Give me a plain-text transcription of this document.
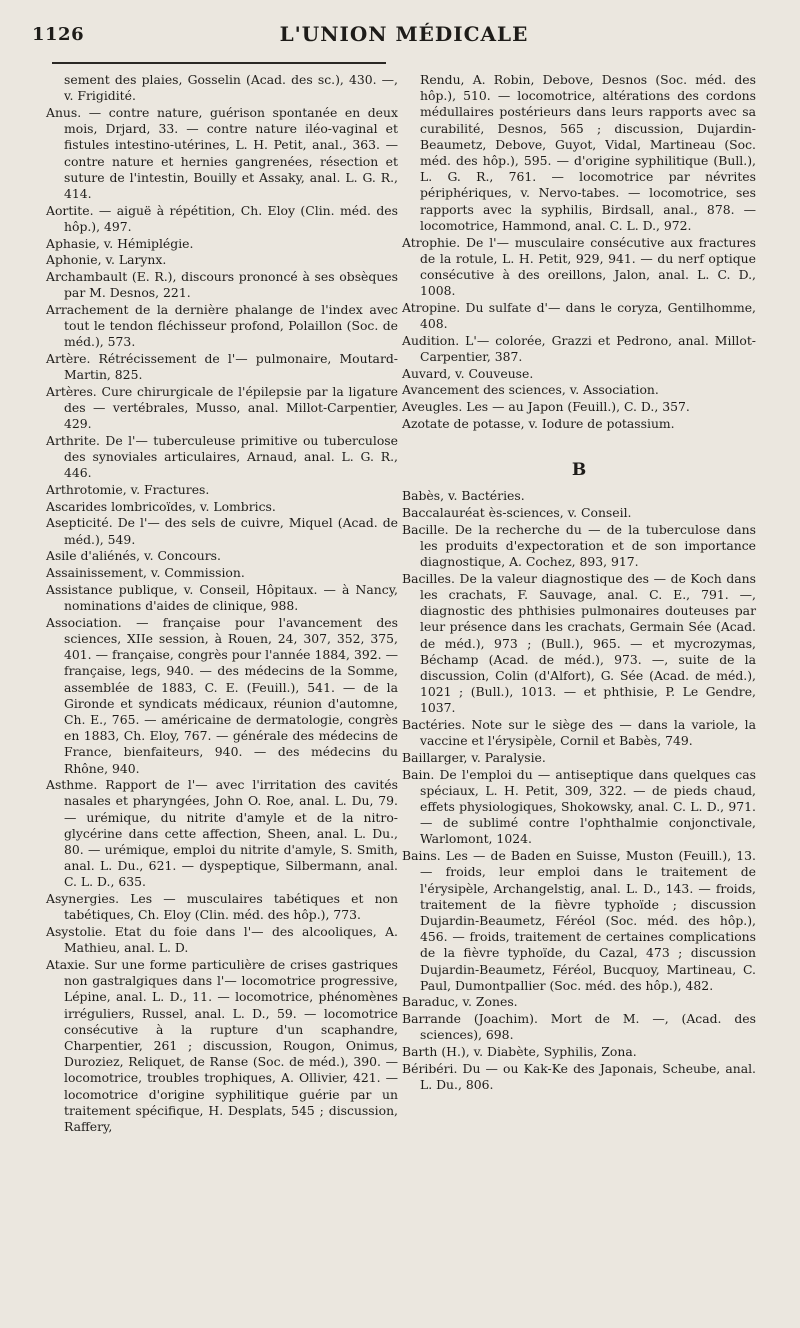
1126	L'UNION MÉDICALE

sement des plaies, Gosselin (Acad. des sc.), 430. —, v. Frigidité.

Anus. — contre nature, guérison spontanée en deux mois, Drjard, 33. — contre nature iléo-vaginal et fistules intestino-utérines, L. H. Petit, anal., 363. — contre nature et hernies gangrenées, résection et suture de l'intestin, Bouilly et Assaky, anal. L. G. R., 414.

Aortite. — aiguë à répétition, Ch. Eloy (Clin. méd. des hôp.), 497.

Aphasie, v. Hémiplégie.

Aphonie, v. Larynx.

Archambault (E. R.), discours prononcé à ses obsèques par M. Desnos, 221.

Arrachement de la dernière phalange de l'index avec tout le tendon fléchisseur profond, Polaillon (Soc. de méd.), 573.

Artère. Rétrécissement de l'— pulmonaire, Moutard-Martin, 825.

Artères. Cure chirurgicale de l'épilepsie par la ligature des — vertébrales, Musso, anal. Millot-Carpentier, 429.

Arthrite. De l'— tuberculeuse primitive ou tuberculose des synoviales articulaires, Arnaud, anal. L. G. R., 446.

Arthrotomie, v. Fractures.

Ascarides lombricoïdes, v. Lombrics.

Asepticité. De l'— des sels de cuivre, Miquel (Acad. de méd.), 549.

Asile d'aliénés, v. Concours.

Assainissement, v. Commission.

Assistance publique, v. Conseil, Hôpitaux. — à Nancy, nominations d'aides de clinique, 988.

Association. — française pour l'avancement des sciences, XIIe session, à Rouen, 24, 307, 352, 375, 401. — française, congrès pour l'année 1884, 392. — française, legs, 940. — des médecins de la Somme, assemblée de 1883, C. E. (Feuill.), 541. — de la Gironde et syndicats médicaux, réunion d'automne, Ch. E., 765. — américaine de dermatologie, congrès en 1883, Ch. Eloy, 767. — générale des médecins de France, bienfaiteurs, 940. — des médecins du Rhône, 940.

Asthme. Rapport de l'— avec l'irritation des cavités nasales et pharyngées, John O. Roe, anal. L. Du, 79. — urémique, du nitrite d'amyle et de la nitro-glycérine dans cette affection, Sheen, anal. L. Du., 80. — urémique, emploi du nitrite d'amyle, S. Smith, anal. L. Du., 621. — dyspeptique, Silbermann, anal. C. L. D., 635.

Asynergies. Les — musculaires tabétiques et non tabétiques, Ch. Eloy (Clin. méd. des hôp.), 773.

Asystolie. Etat du foie dans l'— des alcooliques, A. Mathieu, anal. L. D.

Ataxie. Sur une forme particulière de crises gastriques non gastralgiques dans l'— locomotrice progressive, Lépine, anal. L. D., 11. — locomotrice, phénomènes irréguliers, Russel, anal. L. D., 59. — locomotrice consécutive à la rupture d'un scaphandre, Charpentier, 261 ; discussion, Rougon, Onimus, Duroziez, Reliquet, de Ranse (Soc. de méd.), 390. — locomotrice, troubles trophiques, A. Ollivier, 421. — locomotrice d'origine syphilitique guérie par un traitement spécifique, H. Desplats, 545 ; discussion, Raffery,

Rendu, A. Robin, Debove, Desnos (Soc. méd. des hôp.), 510. — locomotrice, altérations des cordons médullaires postérieurs dans leurs rapports avec sa curabilité, Desnos, 565 ; discussion, Dujardin-Beaumetz, Debove, Guyot, Vidal, Martineau (Soc. méd. des hôp.), 595. — d'origine syphilitique (Bull.), L. G. R., 761. — locomotrice par névrites périphériques, v. Nervo-tabes. — locomotrice, ses rapports avec la syphilis, Birdsall, anal., 878. — locomotrice, Hammond, anal. C. L. D., 972.

Atrophie. De l'— musculaire consécutive aux fractures de la rotule, L. H. Petit, 929, 941. — du nerf optique consécutive à des oreillons, Jalon, anal. L. C. D., 1008.

Atropine. Du sulfate d'— dans le coryza, Gentilhomme, 408.

Audition. L'— colorée, Grazzi et Pedrono, anal. Millot-Carpentier, 387.

Auvard, v. Couveuse.

Avancement des sciences, v. Association.

Aveugles. Les — au Japon (Feuill.), C. D., 357.

Azotate de potasse, v. Iodure de potassium.

B

Babès, v. Bactéries.

Baccalauréat ès-sciences, v. Conseil.

Bacille. De la recherche du — de la tuberculose dans les produits d'expectoration et de son importance diagnostique, A. Cochez, 893, 917.

Bacilles. De la valeur diagnostique des — de Koch dans les crachats, F. Sauvage, anal. C. E., 791. —, diagnostic des phthisies pulmonaires douteuses par leur présence dans les crachats, Germain Sée (Acad. de méd.), 973 ; (Bull.), 965. — et mycrozymas, Béchamp (Acad. de méd.), 973. —, suite de la discussion, Colin (d'Alfort), G. Sée (Acad. de méd.), 1021 ; (Bull.), 1013. — et phthisie, P. Le Gendre, 1037.

Bactéries. Note sur le siège des — dans la variole, la vaccine et l'érysipèle, Cornil et Babès, 749.

Baillarger, v. Paralysie.

Bain. De l'emploi du — antiseptique dans quelques cas spéciaux, L. H. Petit, 309, 322. — de pieds chaud, effets physiologiques, Shokowsky, anal. C. L. D., 971. — de sublimé contre l'ophthalmie conjonctivale, Warlomont, 1024.

Bains. Les — de Baden en Suisse, Muston (Feuill.), 13. — froids, leur emploi dans le traitement de l'érysipèle, Archangelstig, anal. L. D., 143. — froids, traitement de la fièvre typhoïde ; discussion Dujardin-Beaumetz, Féréol (Soc. méd. des hôp.), 456. — froids, traitement de certaines complications de la fièvre typhoïde, du Cazal, 473 ; discussion Dujardin-Beaumetz, Féréol, Bucquoy, Martineau, C. Paul, Dumontpallier (Soc. méd. des hôp.), 482.

Baraduc, v. Zones.

Barrande (Joachim). Mort de M. —, (Acad. des sciences), 698.

Barth (H.), v. Diabète, Syphilis, Zona.

Béribéri. Du — ou Kak-Ke des Japonais, Scheube, anal. L. Du., 806.
